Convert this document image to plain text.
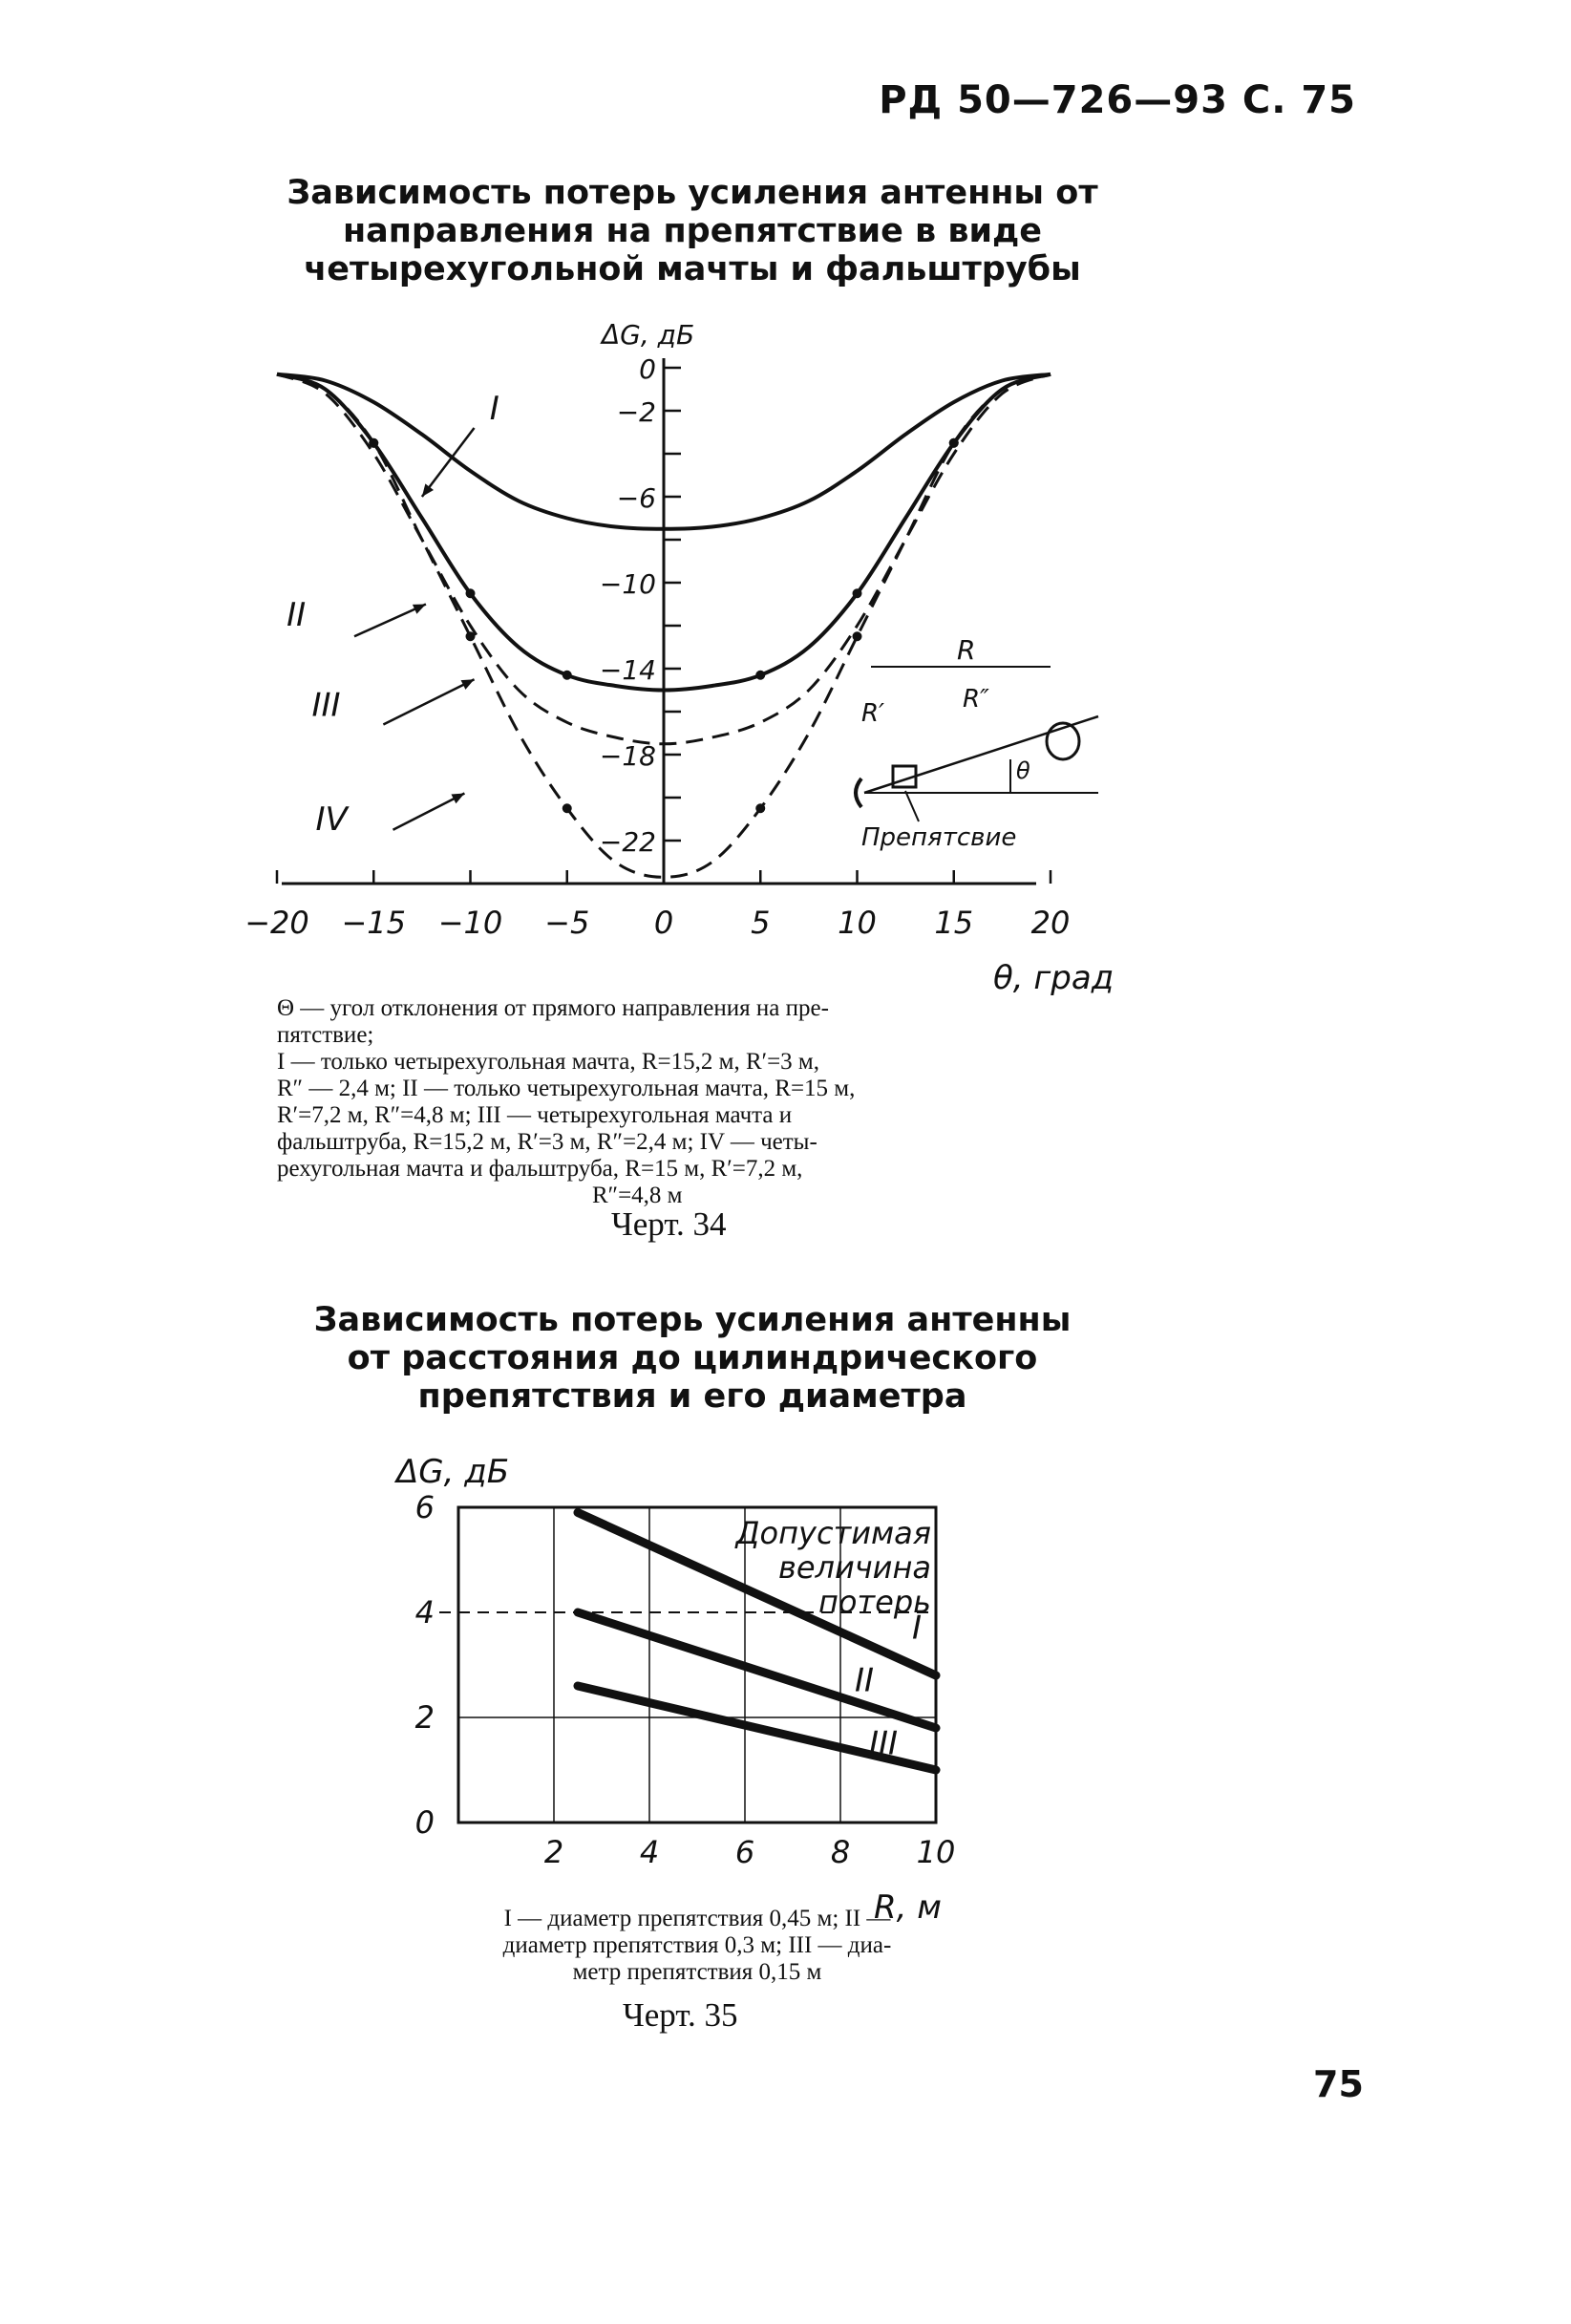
РД 50—726—93 С. 75
Зависимость потерь усиления антенны от
направления на препятствие в виде
четырехугольной мачты и фальштрубы
−20 −15 −10 −5 0	5 10 15 20
0
−2
−6
−10
−14
−18
−22
ΔG, дБ
θ, град
I
II
III
IV
R
R′	R″
θ
Препятсвие
Θ — угол отклонения от прямого направления на пре-
пятствие;
I — только четырехугольная мачта, R=15,2 м, R′=3 м,
R″ — 2,4 м; II — только четырехугольная мачта, R=15 м,
R′=7,2 м, R″=4,8 м; III — четырехугольная мачта и
фальштруба, R=15,2 м, R′=3 м, R″=2,4 м; IV — четы-
рехугольная мачта и фальштруба, R=15 м, R′=7,2 м,
R″=4,8 м
Черт. 34
Зависимость потерь усиления антенны
от расстояния до цилиндрического
препятствия и его диаметра
2 4 6 8 10
0
2
4
6
Допустимая
величина
потерь
ΔG, дБ
R, м
I
II
III
I — диаметр препятствия 0,45 м; II —
диаметр препятствия 0,3 м; III — диа-
метр препятствия 0,15 м
Черт. 35
75
